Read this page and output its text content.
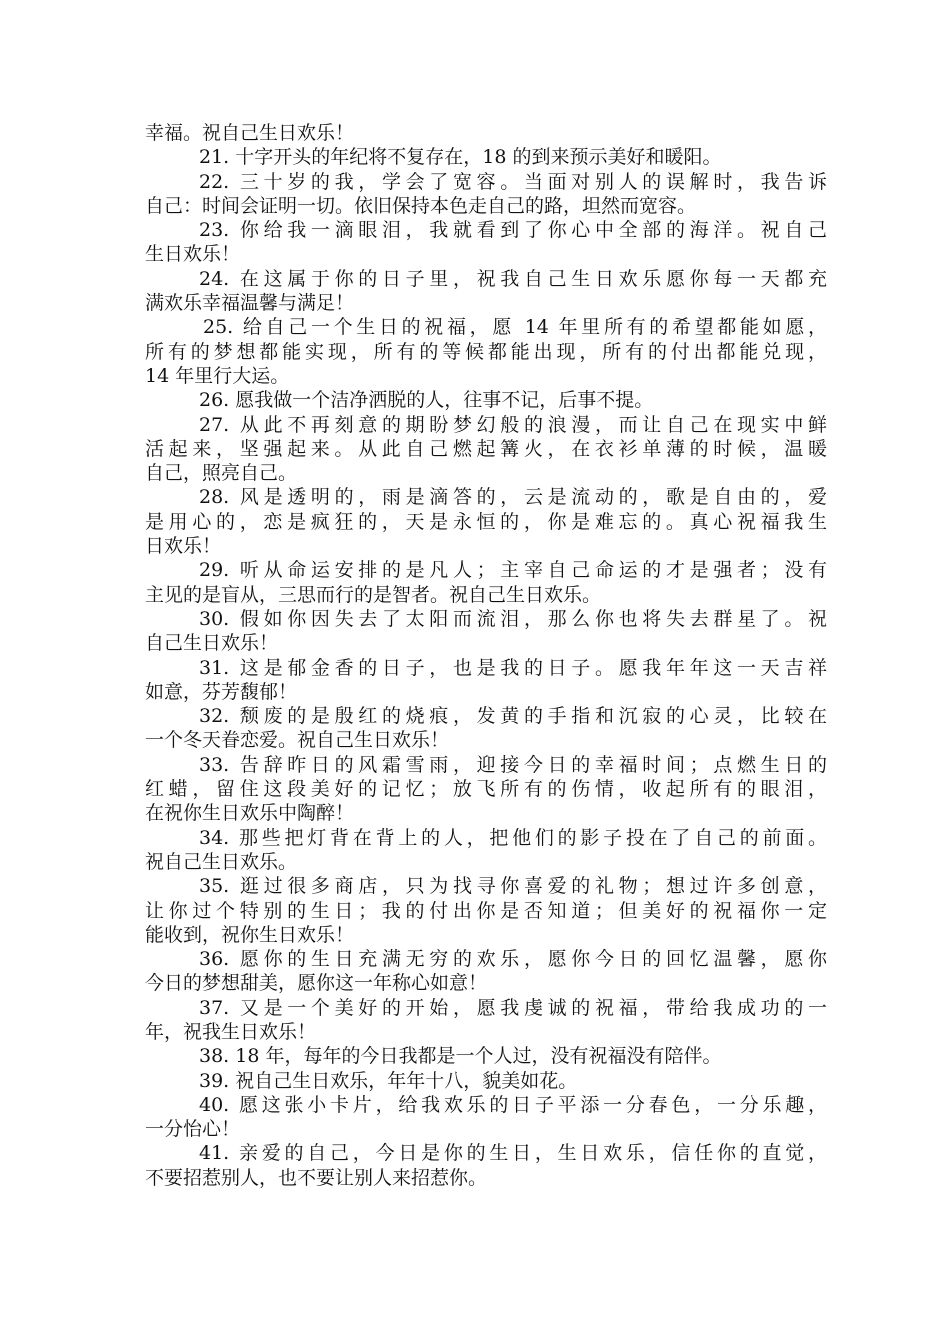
幸福。祝自己生日欢乐！
21. 十字开头的年纪将不复存在，18 的到来预示美好和暖阳。
22. 三十岁的我，学会了宽容。当面对别人的误解时，我告诉
自己：时间会证明一切。依旧保持本色走自己的路，坦然而宽容。
23. 你给我一滴眼泪，我就看到了你心中全部的海洋。祝自己
生日欢乐！
24. 在这属于你的日子里，祝我自己生日欢乐愿你每一天都充
满欢乐幸福温馨与满足！
25. 给自己一个生日的祝福，愿 14 年里所有的希望都能如愿，
所有的梦想都能实现，所有的等候都能出现，所有的付出都能兑现，
14 年里行大运。
26. 愿我做一个洁净洒脱的人，往事不记，后事不提。
27. 从此不再刻意的期盼梦幻般的浪漫，而让自己在现实中鲜
活起来，坚强起来。从此自己燃起篝火，在衣衫单薄的时候，温暖
自己，照亮自己。
28. 风是透明的，雨是滴答的，云是流动的，歌是自由的，爱
是用心的，恋是疯狂的，天是永恒的，你是难忘的。真心祝福我生
日欢乐！
29. 听从命运安排的是凡人；主宰自己命运的才是强者；没有
主见的是盲从，三思而行的是智者。祝自己生日欢乐。
30. 假如你因失去了太阳而流泪，那么你也将失去群星了。祝
自己生日欢乐！
31. 这是郁金香的日子，也是我的日子。愿我年年这一天吉祥
如意，芬芳馥郁！
32. 颓废的是殷红的烧痕，发黄的手指和沉寂的心灵，比较在
一个冬天眷恋爱。祝自己生日欢乐！
33. 告辞昨日的风霜雪雨，迎接今日的幸福时间；点燃生日的
红蜡，留住这段美好的记忆；放飞所有的伤情，收起所有的眼泪，
在祝你生日欢乐中陶醉！
34. 那些把灯背在背上的人，把他们的影子投在了自己的前面。
祝自己生日欢乐。
35. 逛过很多商店，只为找寻你喜爱的礼物；想过许多创意，
让你过个特别的生日；我的付出你是否知道；但美好的祝福你一定
能收到，祝你生日欢乐！
36. 愿你的生日充满无穷的欢乐，愿你今日的回忆温馨，愿你
今日的梦想甜美，愿你这一年称心如意！
37. 又是一个美好的开始，愿我虔诚的祝福，带给我成功的一
年，祝我生日欢乐！
38. 18 年，每年的今日我都是一个人过，没有祝福没有陪伴。
39. 祝自己生日欢乐，年年十八，貌美如花。
40. 愿这张小卡片，给我欢乐的日子平添一分春色，一分乐趣，
一分怡心！
41. 亲爱的自己，今日是你的生日，生日欢乐，信任你的直觉，
不要招惹别人，也不要让别人来招惹你。
